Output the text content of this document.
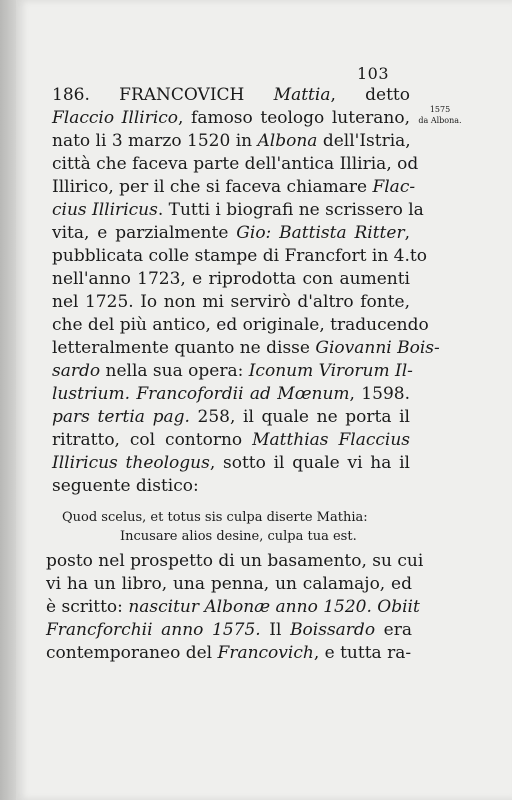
103
1575
da Albona.
186. FRANCOVICH Mattia, detto
Flaccio Illirico, famoso teologo luterano,
nato li 3 marzo 1520 in Albona dell'Istria,
città che faceva parte dell'antica Illiria, od
Illirico, per il che si faceva chiamare Flac-
cius Illiricus. Tutti i biografi ne scrissero la
vita, e parzialmente Gio: Battista Ritter,
pubblicata colle stampe di Francfort in 4.to
nell'anno 1723, e riprodotta con aumenti
nel 1725. Io non mi servirò d'altro fonte,
che del più antico, ed originale, traducendo
letteralmente quanto ne disse Giovanni Bois-
sardo nella sua opera: Iconum Virorum Il-
lustrium. Francofordii ad Mœnum, 1598.
pars tertia pag. 258, il quale ne porta il
ritratto, col contorno Matthias Flaccius
Illiricus theologus, sotto il quale vi ha il
seguente distico:
Quod scelus, et totus sis culpa diserte Mathia:
Incusare alios desine, culpa tua est.
posto nel prospetto di un basamento, su cui
vi ha un libro, una penna, un calamajo, ed
è scritto: nascitur Albonæ anno 1520. Obiit
Francforchii anno 1575. Il Boissardo era
contemporaneo del Francovich, e tutta ra-
